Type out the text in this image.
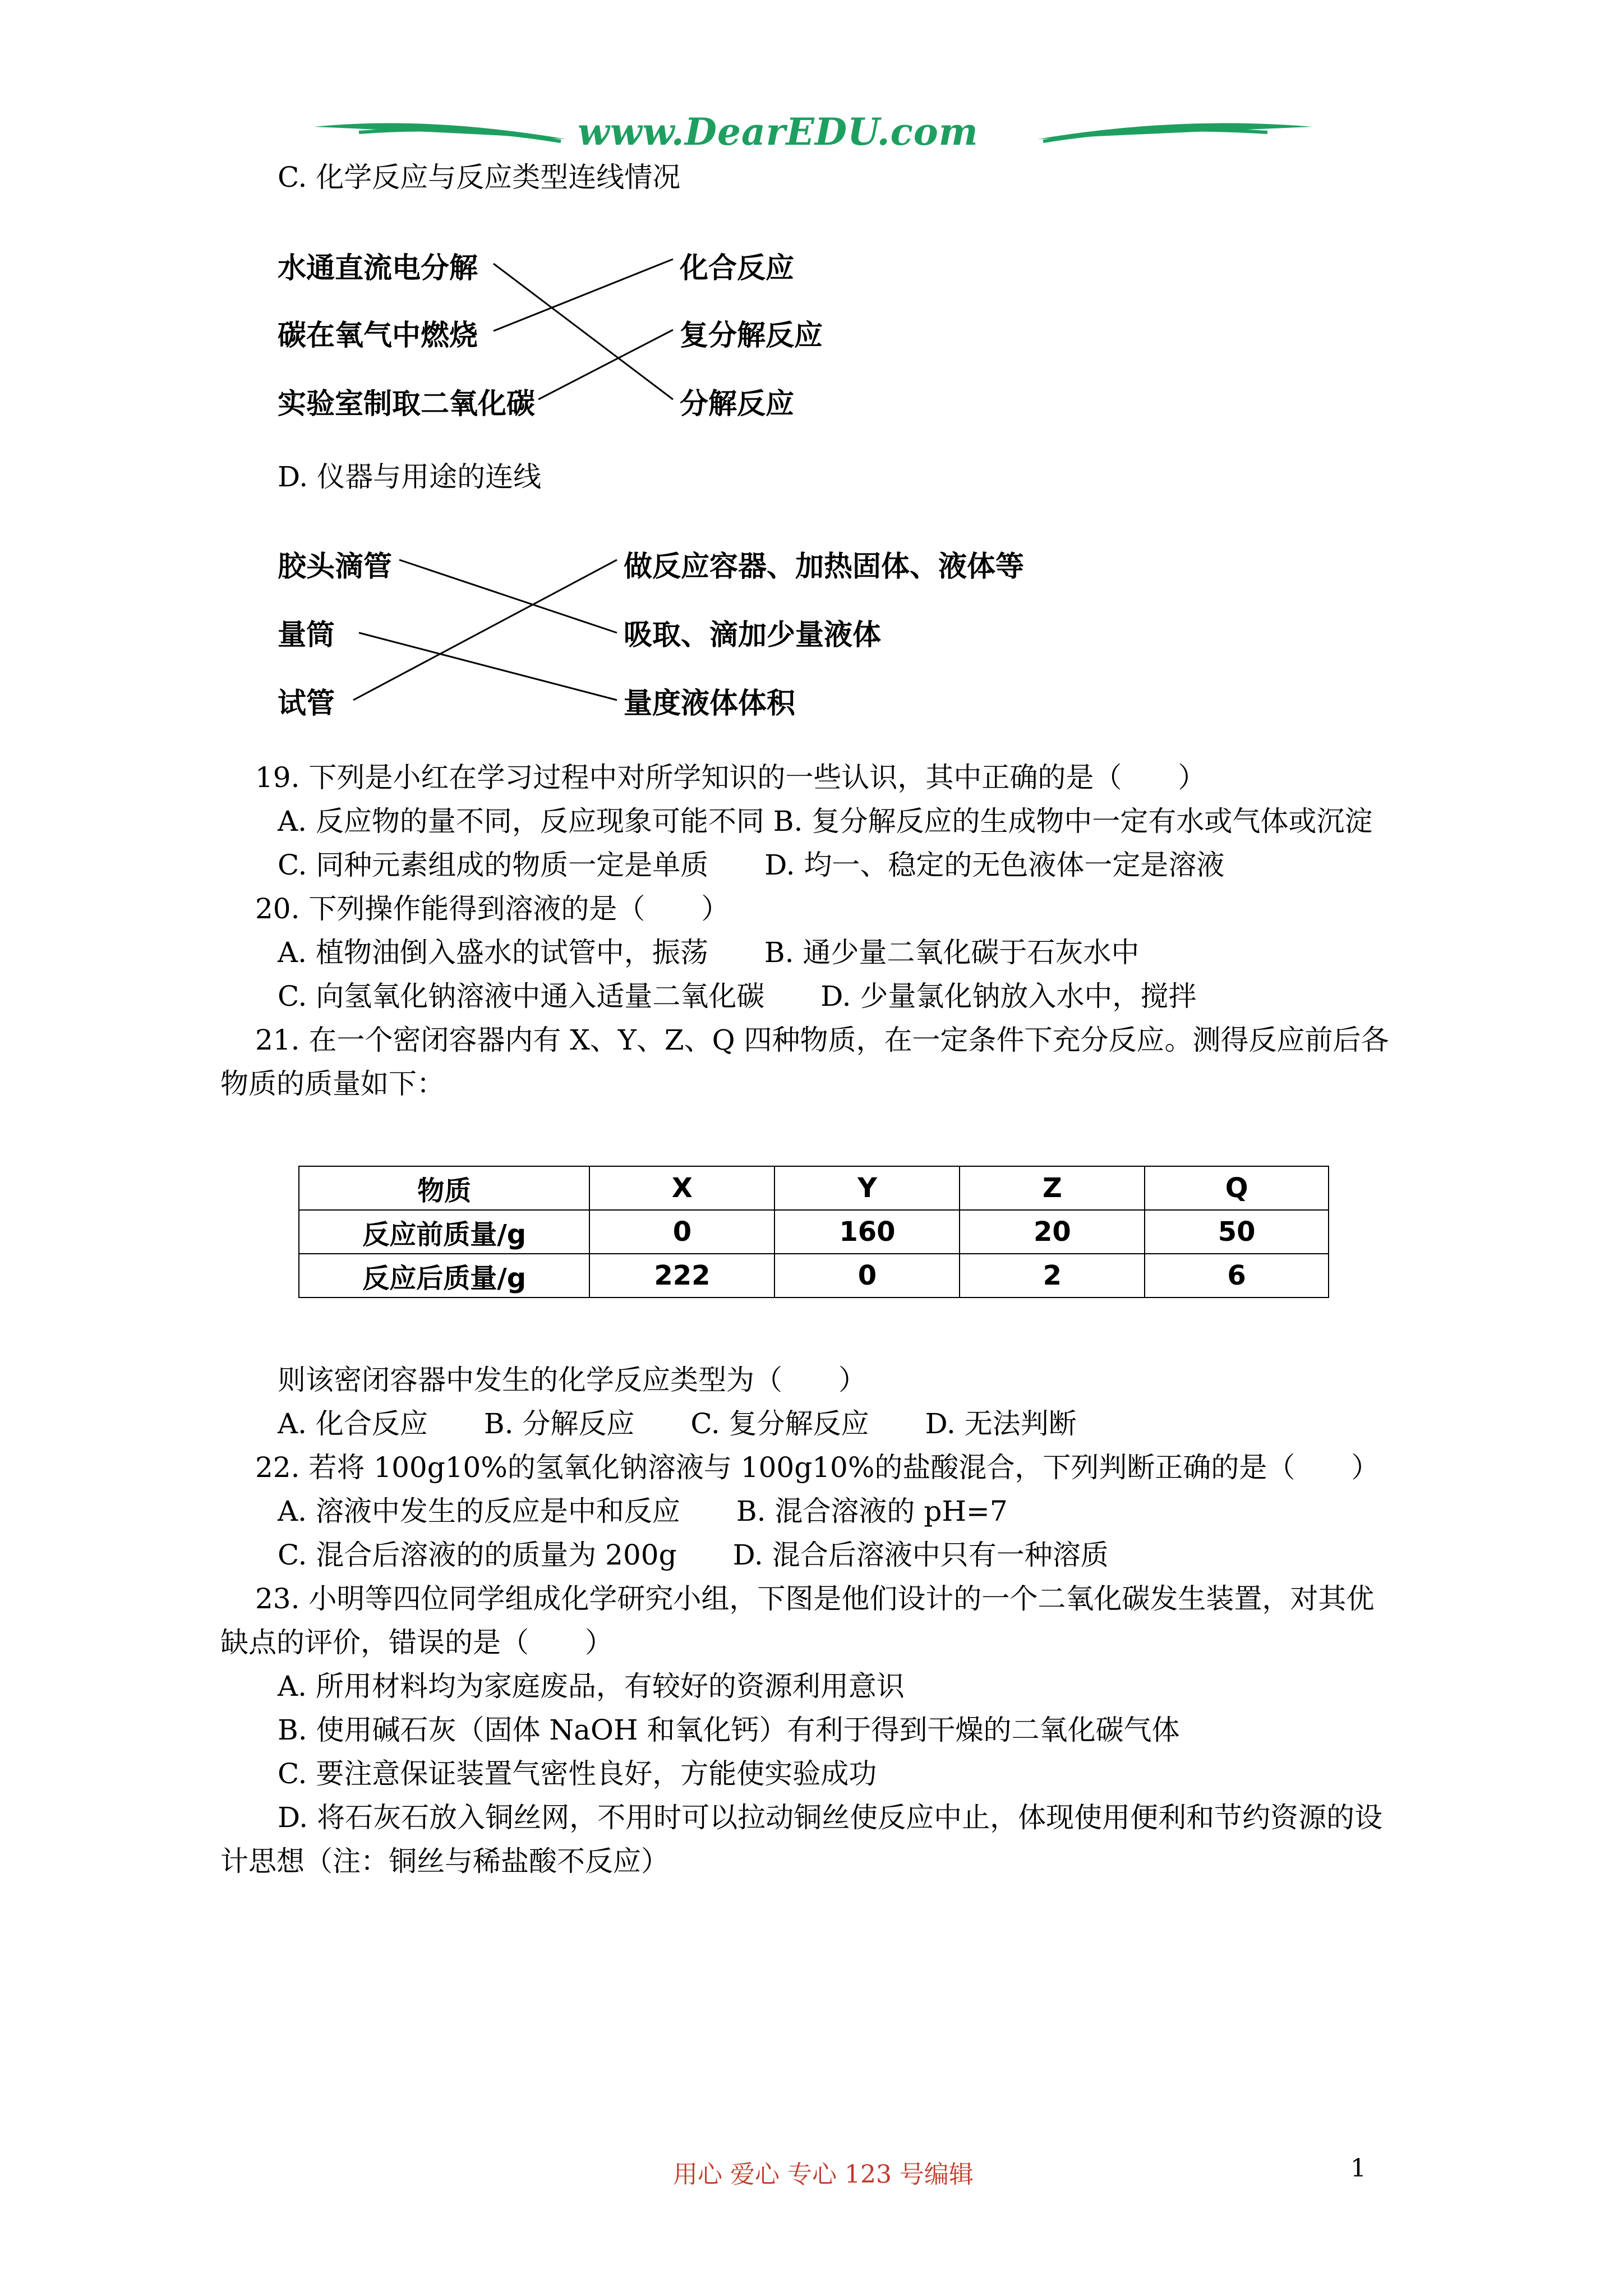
www.DearEDU.com
C. 化学反应与反应类型连线情况
水通直流电分解
碳在氧气中燃烧
实验室制取二氧化碳
化合反应
复分解反应
分解反应
D. 仪器与用途的连线
胶头滴管
量筒
试管
做反应容器、加热固体、液体等
吸取、滴加少量液体
量度液体体积
19. 下列是小红在学习过程中对所学知识的一些认识，其中正确的是（　　）
A. 反应物的量不同，反应现象可能不同 B. 复分解反应的生成物中一定有水或气体或沉淀
C. 同种元素组成的物质一定是单质　　D. 均一、稳定的无色液体一定是溶液
20. 下列操作能得到溶液的是（　　）
A. 植物油倒入盛水的试管中，振荡　　B. 通少量二氧化碳于石灰水中
C. 向氢氧化钠溶液中通入适量二氧化碳　　D. 少量氯化钠放入水中，搅拌
21. 在一个密闭容器内有 X、Y、Z、Q 四种物质，在一定条件下充分反应。测得反应前后各
物质的质量如下：
物质	X	Y	Z	Q
反应前质量/g	0	160	20	50
反应后质量/g	222	0	2	6
则该密闭容器中发生的化学反应类型为（　　）
A. 化合反应　　B. 分解反应　　C. 复分解反应　　D. 无法判断
22. 若将 100g10%的氢氧化钠溶液与 100g10%的盐酸混合，下列判断正确的是（　　）
A. 溶液中发生的反应是中和反应　　B. 混合溶液的 pH=7
C. 混合后溶液的的质量为 200g　　D. 混合后溶液中只有一种溶质
23. 小明等四位同学组成化学研究小组，下图是他们设计的一个二氧化碳发生装置，对其优
缺点的评价，错误的是（　　）
A. 所用材料均为家庭废品，有较好的资源利用意识
B. 使用碱石灰（固体 NaOH 和氧化钙）有利于得到干燥的二氧化碳气体
C. 要注意保证装置气密性良好，方能使实验成功
D. 将石灰石放入铜丝网，不用时可以拉动铜丝使反应中止，体现使用便利和节约资源的设
计思想（注：铜丝与稀盐酸不反应）
用心 爱心 专心 123 号编辑	1
